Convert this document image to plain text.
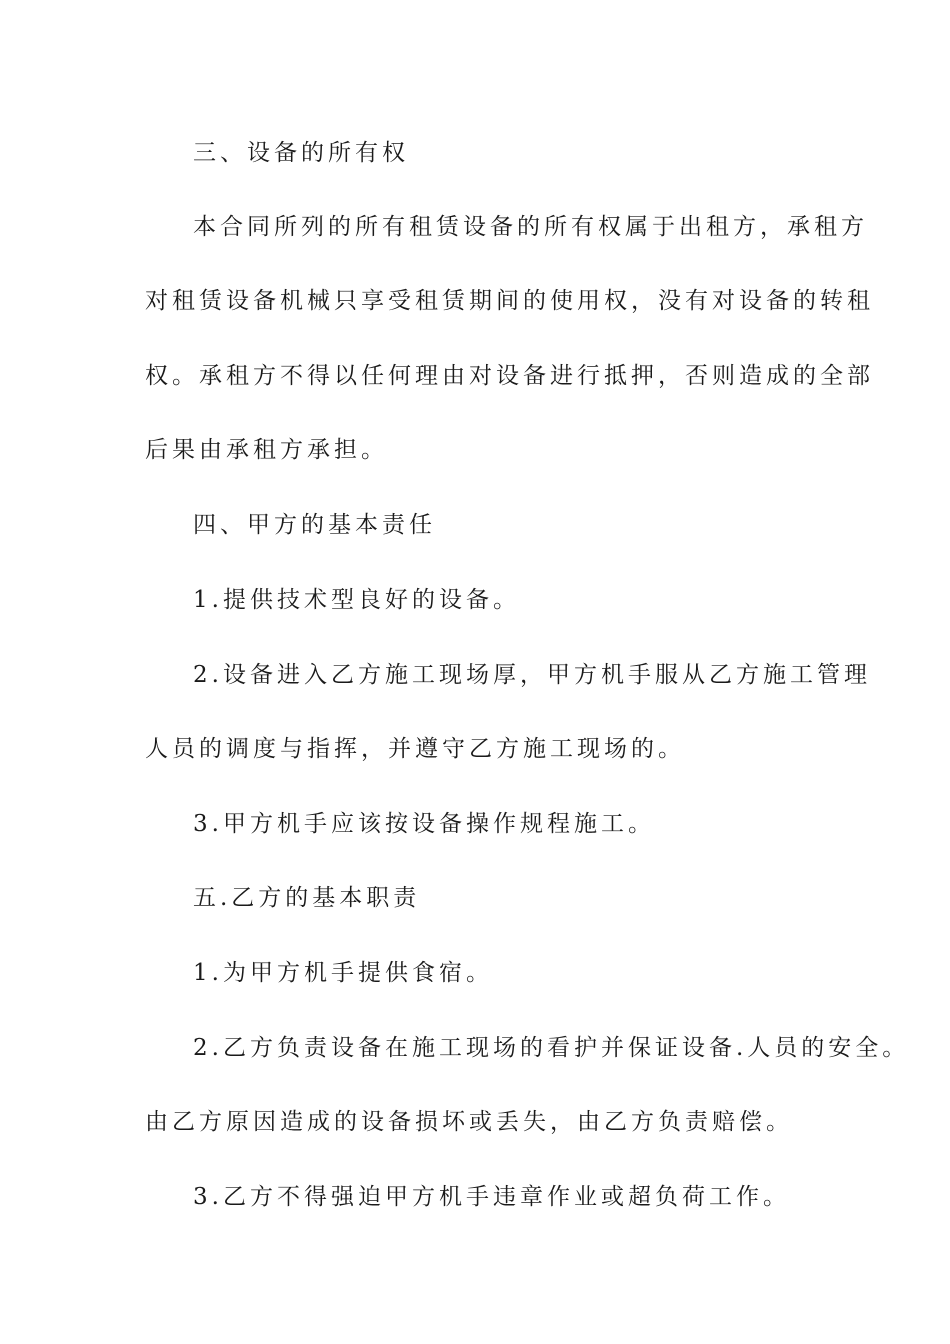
三、设备的所有权
本合同所列的所有租赁设备的所有权属于出租方，承租方
对租赁设备机械只享受租赁期间的使用权，没有对设备的转租
权。承租方不得以任何理由对设备进行抵押，否则造成的全部
后果由承租方承担。
四、甲方的基本责任
1.提供技术型良好的设备。
2.设备进入乙方施工现场厚，甲方机手服从乙方施工管理
人员的调度与指挥，并遵守乙方施工现场的。
3.甲方机手应该按设备操作规程施工。
五.乙方的基本职责
1.为甲方机手提供食宿。
2.乙方负责设备在施工现场的看护并保证设备.人员的安全。
由乙方原因造成的设备损坏或丢失，由乙方负责赔偿。
3.乙方不得强迫甲方机手违章作业或超负荷工作。
